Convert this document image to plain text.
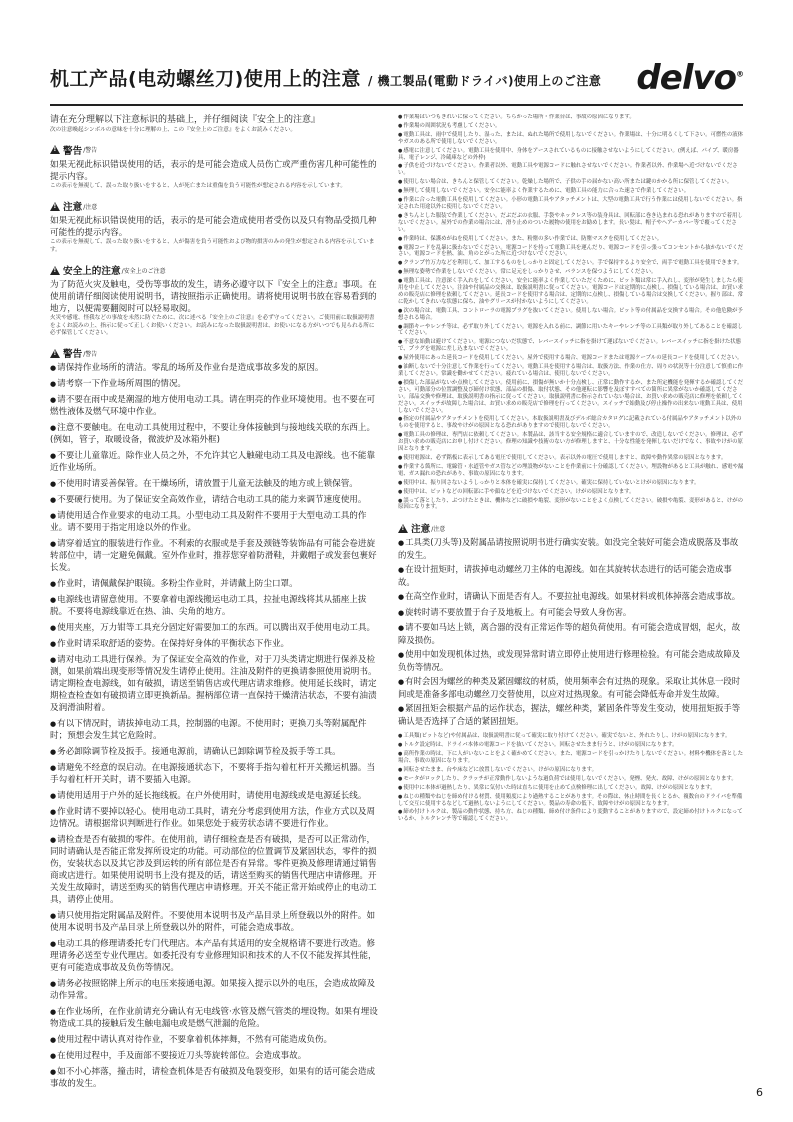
机工产品(电动螺丝刀)使用上的注意 / 機工製品(電動ドライバ)使用上のご注意 delvo®

请在充分理解以下注意标识的基础上，并仔细阅读『安全上的注意』

次の注意喚起シンボルの意味を十分に理解の上、この『安全上のご注意』をよくお読みください。

!
警告 /警告

如果无视此标识错误使用的话，表示的是可能会造成人员伤亡或严重伤害几种可能性的提示内容。

この表示を無視して、誤った取り扱いをすると、人が死亡または重傷を負う可能性が想定される内容を示しています。

!
注意 /注意

如果无视此标识错误使用的话，表示的是可能会造成使用者受伤以及只有物品受损几种可能性的提示内容。

この表示を無視して、誤った取り扱いをすると、人が傷害を負う可能性および物的損害のみの発生が想定される内容を示しています。

!
安全上的注意 /安全上のご注意

为了防范火灾及触电，受伤等事故的发生，请务必遵守以下『安全上的注意』事项。在使用前请仔细阅读使用说明书，请按照指示正确使用。请将使用说明书放在容易看到的地方，以便需要翻阅时可以轻易取阅。

火災や感電、怪我などの事故を未然に防ぐために、次に述べる『安全上のご注意』を必ず守ってください。ご使用前に取扱説明書をよくお読みの上、指示に従って正しくお使いください。お読みになった取扱説明書は、お使いになる方がいつでも見られる所に必ず保管してください。

!
警告 /警告

● 请保持作业场所的清洁。零乱的场所及作业台是造成事故多发的原因。

● 请考察一下作业场所周围的情况。

● 请不要在雨中或是潮湿的地方使用电动工具。请在明亮的作业环境使用。也不要在可燃性液体及燃气环境中作业。

● 注意不要触电。在电动工具使用过程中，不要让身体接触到与接地线关联的东西上。(例如，管子，取暖设备，微波炉及冰箱外框)

● 不要让儿童靠近。除作业人员之外，不允许其它人触碰电动工具及电源线。也不能靠近作业场所。

● 不使用时请妥善保管。在干燥场所，请放置于儿童无法触及的地方或上锁保管。

● 不要硬行使用。为了保证安全高效作业，请结合电动工具的能力来调节速度使用。

● 请使用适合作业要求的电动工具。小型电动工具及附件不要用于大型电动工具的作业。请不要用于指定用途以外的作业。

● 请穿着适宜的服装进行作业。不利索的衣服或是手套及颈链等装饰品有可能会卷进旋转部位中，请一定避免佩戴。室外作业时，推荐您穿着防滑鞋，并戴帽子或发套包裹好长发。

● 作业时，请佩戴保护眼镜。多粉尘作业时，并请戴上防尘口罩。

● 电源线也请留意使用。不要拿着电源线搬运电动工具，拉扯电源线将其从插座上拔脱。不要将电源线靠近在热、油、尖角的地方。

● 使用夹座，万力钳等工具充分固定好需要加工的东西。可以腾出双手使用电动工具。

● 作业时请采取舒适的姿势。在保持好身体的平衡状态下作业。

● 请对电动工具进行保养。为了保证安全高效的作业，对于刀头类请定期进行保养及检测，如果前端出现变形等情况发生请停止使用。注油及附件的更换请参照使用说明书。请定期检查电源线，如有破损，请送至销售店或代理店请求维修。使用延长线时，请定期检查检查如有破损请立即更换新品。握柄部位请一直保持干燥清洁状态，不要有油渍及润滑油附着。

● 有以下情况时，请拔掉电动工具，控制器的电源。不使用时；更换刀头等附属配件时；预想会发生其它危险时。

● 务必卸除调节栓及扳手。接通电源前，请确认已卸除调节栓及扳手等工具。

● 请避免不经意的误启动。在电源接通状态下，不要将手指勾着杠杆开关搬运机器。当手勾着杠杆开关时，请不要插入电源。

● 请使用适用于户外的延长拖线板。在户外使用时，请使用电源线或是电源延长线。

● 作业时请不要掉以轻心。使用电动工具时，请充分考虑到使用方法，作业方式以及周边情况。请根据常识判断进行作业。如果您处于疲劳状态请不要进行作业。

● 请检查是否有破损的零件。在使用前，请仔细检查是否有破损，是否可以正常动作，同时请确认是否能正常发挥所设定的功能。可动部位的位置调节及紧固状态，零件的损伤，安装状态以及其它涉及到运转的所有部位是否有异常。零件更换及修理请通过销售商或店进行。如果使用说明书上没有提及的话，请送至购买的销售代理店申请修理。开关发生故障时，请送至购买的销售代理店申请修理。开关不能正常开始或停止的电动工具，请停止使用。

● 请只使用指定附属品及附件。不要使用本说明书及产品目录上所登载以外的附件。如使用本说明书及产品目录上所登载以外的附件，可能会造成事故。

● 电动工具的修理请委托专门代理店。本产品有其适用的安全规格请不要进行改造。修理请务必送至专业代理店。如委托没有专业修理知识和技术的人不仅不能发挥其性能，更有可能造成事故及负伤等情况。

● 请务必按照铭牌上所示的电压来接通电源。如果接入提示以外的电压，会造成故障及动作异常。

● 在作业场所，在作业前请充分确认有无电线管·水管及燃气管类的埋设物。如果有埋设物造成工具的接触后发生触电漏电或是燃气泄漏的危险。

● 使用过程中请认真对待作业，不要拿着机体摔舞，不然有可能造成负伤。

● 在使用过程中，手及面部不要接近刀头等旋转部位。会造成事故。

● 如不小心摔落，撞击时，请检查机体是否有破损及龟裂变形，如果有的话可能会造成事故的发生。

● 作業場はいつもきれいに保ってください。ちらかった場所・作業台は、事故の原因になります。

● 作業場の周囲状況も考慮してください。

● 電動工具は、雨中で使用したり、湿った、または、ぬれた場所で使用しないでください。作業場は、十分に明るくして下さい。可燃性の液体やガスのある所で使用しないでください。

● 感電に注意してください。電動工具を使用中、身体をアースされているものに接触させないようにしてください。(例えば、パイプ、暖房器具、電子レンジ、冷蔵庫などの外枠)

● 子供を近づけないでください。作業者以外、電動工具や電源コードに触れさせないでください。作業者以外、作業場へ近づけないでください。

● 使用しない場合は、きちんと保管してください。乾燥した場所で、子供の手の届かない高い所または鍵のかかる所に保管してください。

● 無理して使用しないでください。安全に能率よく作業するために、電動工具の能力に合った速さで作業してください。

● 作業に合った電動工具を使用してください。小形の電動工具やアタッチメントは、大型の電動工具で行う作業には使用しないでください。指定された用途以外に使用しないでください。

● きちんとした服装で作業してください。だぶだぶの衣服、手袋やネックレス等の装身具は、回転部に巻き込まれる恐れがありますので着用しないでください。屋外での作業の場合には、滑り止めのついた履物の使用をお勧めします。長い髪は、帽子やヘアーカバー等で覆ってください。

● 作業時は、保護めがねを使用してください。また、粉塵の多い作業では、防塵マスクを使用してください。

● 電源コードを乱暴に扱わないでください。電源コードを持って電動工具を運んだり、電源コードを引っ張ってコンセントから抜かないでください。電源コードを熱、油、角のとがった所に近づけないでください。

● クランプ竹万力などを利用して、加工するものをしっかりと固定してください。手で保持するより安全で、両手で電動工具を使用できます。

● 無理な姿勢で作業をしないでください。常に足元をしっかりさせ、バランスを保つようにしてください。

● 電動工具は、注意深く手入れをしてください。安全に能率よく作業していただくために、ビット類は常に手入れし、変形が発生しましたら使用を中止してください。注油や付属品の交換は、取扱説明書に従ってください。電源コードは定期的に点検し、損傷している場合は、お買い求めの販売店に修理を依頼してください。延長コードを使用する場合は、定期的に点検し、損傷している場合は交換してください。握り部は、常に乾かしてきれいな状態に保ち、油やグリースが付かないようにしてください。

● 次の場合は、電動工具、コントローラの電源プラグを抜いてください。使用しない場合。ビット等の付属品を交換する場合。その他危険が予想される場合。

● 調節キーやレンチ等は、必ず取り外してください。電源を入れる前に、調節に用いたキーやレンチ等の工具類が取り外してあることを確認してください。

● 不意な始動は避けてください。電源につないだ状態で、レバースイッチに指を掛けて運ばないでください。レバースイッチに指を掛けた状態で、プラグを電源に差し込まないでください。

● 屋外使用にあった延長コードを使用してください。屋外で使用する場合、電源コードまたは電源ケーブルの延長コードを使用してください。

● 油断しないで十分注意して作業を行ってください。電動工具を使用する場合は、取扱方法、作業の仕方、周りの状況等十分注意して慎重に作業してください。常識を働かせてください。疲れている場合は、使用しないでください。

● 損傷した部品がないか点検してください。使用前に、損傷が無いか十分点検し、正常に動作するか、また所定機能を発揮するか確認してください。可動部分の位置調整及び締付け状態、部品の損傷、取付状態、その他運転に影響を及ぼすすべての箇所に異常がないか確認してください。部品交換や修理は、取扱説明書の指示に従ってください。取扱説明書に指示されていない場合は、お買い求めの販売店に修理を依頼してください。スイッチが故障した場合は、お買い求めの販売店で修理を行ってください。スイッチで始動及び停止操作の出来ない電動工具は、使用しないでください。

● 指定の付属品やアタッチメントを使用してください。本取扱説明書及びデルボ総合カタログに記載されている付属品やアタッチメント以外のものを使用すると、事故やけがの原因となる恐れがありますので使用しないでください。

● 電動工具の修理は、専門店に依頼してください。本製品は、該当する安全規格に適合していますので、改造しないでください。修理は、必ずお買い求めの販売店にお申し付けください。修理の知識や技術のない方が修理しますと、十分な性能を発揮しないだけでなく、事故やけがの原因となります。

● 使用電源は、必ず銘板に表示してある電圧で使用してください。表示以外の電圧で使用しますと、故障や動作異常の原因となります。

● 作業する箇所に、電線管・水道管やガス管などの埋設物がないことを作業前に十分確認してください。埋設物があると工具が触れ、感電や漏電、ガス漏れの恐れがあり、事故の原因になります。

● 使用中は、振り回さないようしっかりと本体を確実に保持してください。確実に保持していないとけがの原因になります。

● 使用中は、ビットなどの回転部に手や顔などを近づけないでください。けがの原因となります。

● 誤って落としたり、ぶつけたときは、機体などに破損や亀裂、変形がないことをよく点検してください。破損や亀裂、変形があると、けがの原因になります。

!
注意 /注意

● 工具类(刀头等)及附属品请按照说明书进行确实安装。如没完全装好可能会造成脱落及事故的发生。

● 在设计扭矩时，请拔掉电动螺丝刀主体的电源线。如在其旋转状态进行的话可能会造成事故。

● 在高空作业时，请确认下面是否有人。不要拉扯电源线。如果材料或机体掉落会造成事故。

● 旋转时请不要放置于台子及地板上。有可能会导致人身伤害。

● 请不要如马达上锁，离合器的没有正常运作等的超负荷使用。有可能会造成冒烟，起火，故障及损伤。

● 使用中如发现机体过热，或发现异常时请立即停止使用进行修理检验。有可能会造成故障及负伤等情况。

● 有时会因为螺丝的种类及紧固螺纹的材质，使用频率会有过热的现象。采取让其休息一段时间或是准备多部电动螺丝刀交替使用，以应对过热现象。有可能会降低寿命并发生故障。

● 紧固扭矩会根据产品的运作状态，握法，螺丝种类，紧固条件等发生变动，使用扭矩扳手等确认是否选择了合适的紧固扭矩。

● 工具類(ビットなど)や付属品は、取扱説明書に従って確実に取り付けてください。確実でないと、外れたりし、けがの原因になります。

● トルク設定時は、ドライバ本体の電源コードを抜いてください。回転させたまま行うと、けがの原因になります。

● 高所作業の時は、下に人がいないことをよく確かめてください。また、電源コードを引っかけたりしないでください。材料や機体を落とした場合、事故の原因になります。

● 回転させたまま、台や床などに放置しないでください。けがの原因になります。

● モータがロックしたり、クラッチが正常動作しないような過負荷では使用しないでください。発煙、発火、故障、けがの原因となります。

● 使用中に本体が過熱したり、異常に気付いた時は直ちに使用を止めて点検修理に出してください。故障、けがの原因となります。

● ねじの種類やねじを締め付ける材質、使用頻度により過熱することがあります。その際は、休止時間を長くとるか、複数台のドライバを準備して交互に使用するなどして過熱しないようにしてください。製品の寿命の低下、故障やけがの原因となります。

● 締め付けトルクは、製品の動作状態、持ち方、ねじの種類、締め付け条件により変動することがありますので、設定締め付けトルクになっているか、トルクレンチ等で確認してください。

6
